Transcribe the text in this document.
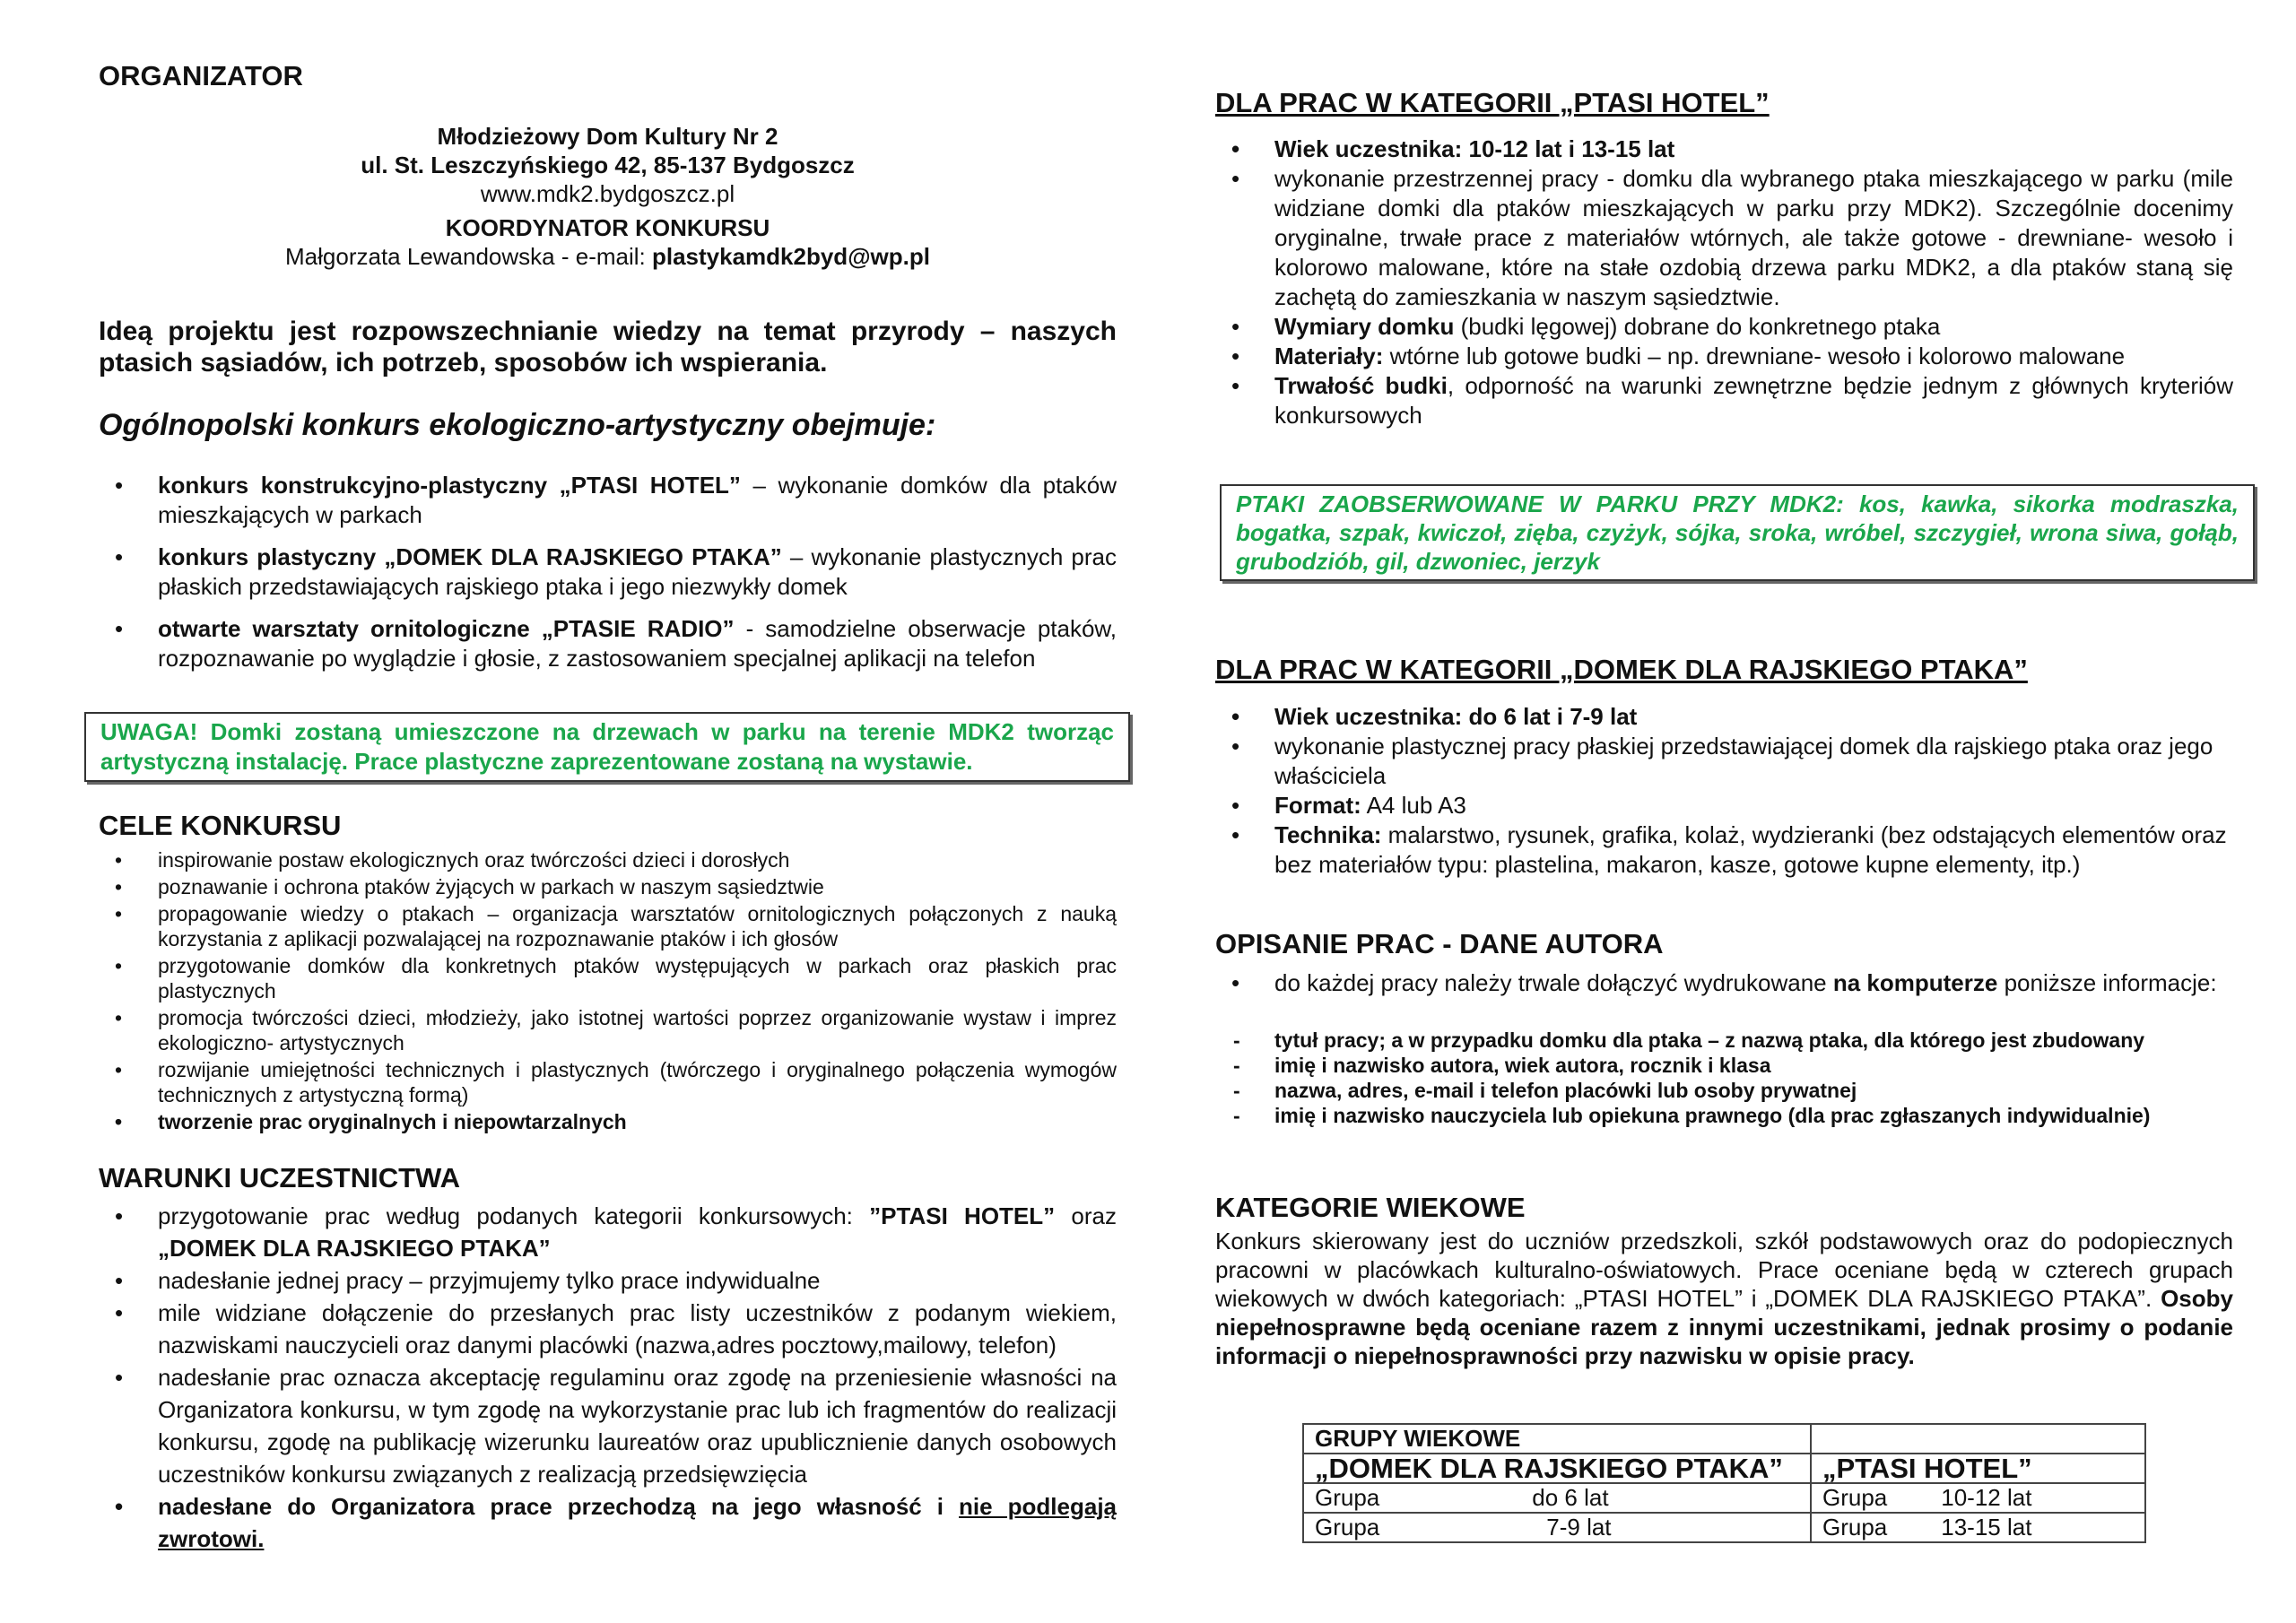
ORGANIZATOR
Młodzieżowy Dom Kultury Nr 2
ul. St. Leszczyńskiego 42, 85-137 Bydgoszcz
www.mdk2.bydgoszcz.pl
KOORDYNATOR KONKURSU
Małgorzata Lewandowska - e-mail: plastykamdk2byd@wp.pl

Ideą projektu jest rozpowszechnianie wiedzy na temat przyrody – naszych ptasich sąsiadów, ich potrzeb, sposobów ich wspierania.

Ogólnopolski konkurs ekologiczno-artystyczny obejmuje:
• konkurs konstrukcyjno-plastyczny „PTASI HOTEL” – wykonanie domków dla ptaków mieszkających w parkach
• konkurs plastyczny „DOMEK DLA RAJSKIEGO PTAKA” – wykonanie plastycznych prac płaskich przedstawiających rajskiego ptaka i jego niezwykły domek
• otwarte warsztaty ornitologiczne „PTASIE RADIO” - samodzielne obserwacje ptaków, rozpoznawanie po wyglądzie i głosie, z zastosowaniem specjalnej aplikacji na telefon
UWAGA! Domki zostaną umieszczone na drzewach w parku na terenie MDK2 tworząc artystyczną instalację. Prace plastyczne zaprezentowane zostaną na wystawie.
CELE KONKURSU
• inspirowanie postaw ekologicznych oraz twórczości dzieci i dorosłych
• poznawanie i ochrona ptaków żyjących w parkach w naszym sąsiedztwie
• propagowanie wiedzy o ptakach – organizacja warsztatów ornitologicznych połączonych z nauką korzystania z aplikacji pozwalającej na rozpoznawanie ptaków i ich głosów
• przygotowanie domków dla konkretnych ptaków występujących w parkach oraz płaskich prac plastycznych
• promocja twórczości dzieci, młodzieży, jako istotnej wartości poprzez organizowanie wystaw i imprez ekologiczno- artystycznych
• rozwijanie umiejętności technicznych i plastycznych (twórczego i oryginalnego połączenia wymogów technicznych z artystyczną formą)
• tworzenie prac oryginalnych i niepowtarzalnych
WARUNKI UCZESTNICTWA
• przygotowanie prac według podanych kategorii konkursowych: ”PTASI HOTEL” oraz „DOMEK DLA RAJSKIEGO PTAKA”
• nadesłanie jednej pracy – przyjmujemy tylko prace indywidualne
• mile widziane dołączenie do przesłanych prac listy uczestników z podanym wiekiem, nazwiskami nauczycieli oraz danymi placówki (nazwa,adres pocztowy,mailowy, telefon)
• nadesłanie prac oznacza akceptację regulaminu oraz zgodę na przeniesienie własności na Organizatora konkursu, w tym zgodę na wykorzystanie prac lub ich fragmentów do realizacji konkursu, zgodę na publikację wizerunku laureatów oraz upublicznienie danych osobowych uczestników konkursu związanych z realizacją przedsięwzięcia
• nadesłane do Organizatora prace przechodzą na jego własność i nie podlegają zwrotowi.
DLA PRAC W KATEGORII „PTASI HOTEL”
• Wiek uczestnika: 10-12 lat i 13-15 lat
• wykonanie przestrzennej pracy - domku dla wybranego ptaka mieszkającego w parku (mile widziane domki dla ptaków mieszkających w parku przy MDK2). Szczególnie docenimy oryginalne, trwałe prace z materiałów wtórnych, ale także gotowe - drewniane- wesoło i kolorowo malowane, które na stałe ozdobią drzewa parku MDK2, a dla ptaków staną się zachętą do zamieszkania w naszym sąsiedztwie.
• Wymiary domku (budki lęgowej) dobrane do konkretnego ptaka
• Materiały: wtórne lub gotowe budki – np. drewniane- wesoło i kolorowo malowane
• Trwałość budki, odporność na warunki zewnętrzne będzie jednym z głównych kryteriów konkursowych
PTAKI ZAOBSERWOWANE W PARKU PRZY MDK2: kos, kawka, sikorka modraszka, bogatka, szpak, kwiczoł, zięba, czyżyk, sójka, sroka, wróbel, szczygieł, wrona siwa, gołąb, grubodziób, gil, dzwoniec, jerzyk
DLA PRAC W KATEGORII „DOMEK DLA RAJSKIEGO PTAKA”
• Wiek uczestnika: do 6 lat i 7-9 lat
• wykonanie plastycznej pracy płaskiej przedstawiającej domek dla rajskiego ptaka oraz jego właściciela
• Format: A4 lub A3
• Technika: malarstwo, rysunek, grafika, kolaż, wydzieranki (bez odstających elementów oraz bez materiałów typu: plastelina, makaron, kasze, gotowe kupne elementy, itp.)
OPISANIE PRAC - DANE AUTORA
• do każdej pracy należy trwale dołączyć wydrukowane na komputerze poniższe informacje:
- tytuł pracy; a w przypadku domku dla ptaka – z nazwą ptaka, dla którego jest zbudowany
- imię i nazwisko autora, wiek autora, rocznik i klasa
- nazwa, adres, e-mail i telefon placówki lub osoby prywatnej
- imię i nazwisko nauczyciela lub opiekuna prawnego (dla prac zgłaszanych indywidualnie)
KATEGORIE WIEKOWE

Konkurs skierowany jest do uczniów przedszkoli, szkół podstawowych oraz do podopiecznych pracowni w placówkach kulturalno-oświatowych. Prace oceniane będą w czterech grupach wiekowych w dwóch kategoriach: „PTASI HOTEL” i „DOMEK DLA RAJSKIEGO PTAKA”. Osoby niepełnosprawne będą oceniane razem z innymi uczestnikami, jednak prosimy o podanie informacji o niepełnosprawności przy nazwisku w opisie pracy.

GRUPY WIEKOWE	
„DOMEK DLA RAJSKIEGO PTAKA”	„PTASI HOTEL”
Grupa do 6 lat	Grupa 10-12 lat
Grupa 7-9 lat	Grupa 13-15 lat
